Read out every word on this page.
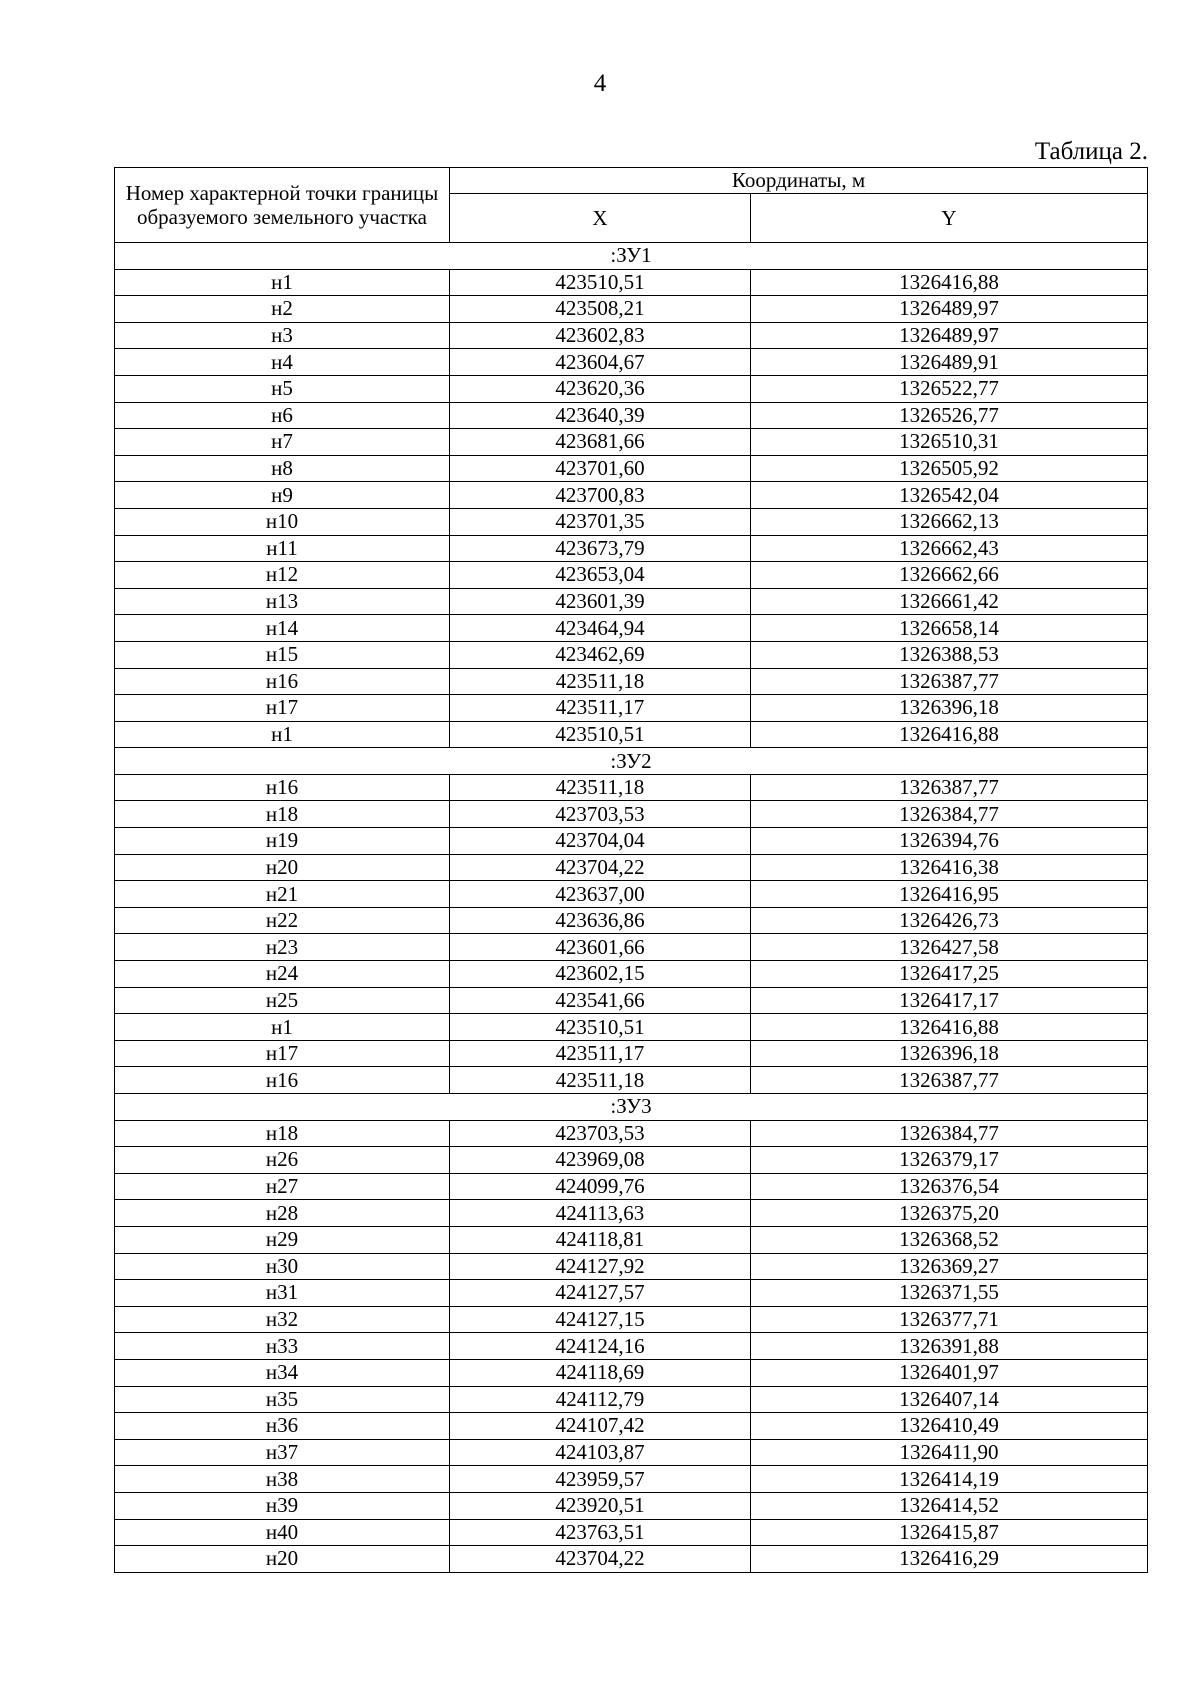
4
Таблица 2.
Номер характерной точки границы образуемого земельного участка	Координаты, м	
	X	Y
:ЗУ1		
н1	423510,51	1326416,88
н2	423508,21	1326489,97
н3	423602,83	1326489,97
н4	423604,67	1326489,91
н5	423620,36	1326522,77
н6	423640,39	1326526,77
н7	423681,66	1326510,31
н8	423701,60	1326505,92
н9	423700,83	1326542,04
н10	423701,35	1326662,13
н11	423673,79	1326662,43
н12	423653,04	1326662,66
н13	423601,39	1326661,42
н14	423464,94	1326658,14
н15	423462,69	1326388,53
н16	423511,18	1326387,77
н17	423511,17	1326396,18
н1	423510,51	1326416,88
:ЗУ2		
н16	423511,18	1326387,77
н18	423703,53	1326384,77
н19	423704,04	1326394,76
н20	423704,22	1326416,38
н21	423637,00	1326416,95
н22	423636,86	1326426,73
н23	423601,66	1326427,58
н24	423602,15	1326417,25
н25	423541,66	1326417,17
н1	423510,51	1326416,88
н17	423511,17	1326396,18
н16	423511,18	1326387,77
:ЗУ3		
н18	423703,53	1326384,77
н26	423969,08	1326379,17
н27	424099,76	1326376,54
н28	424113,63	1326375,20
н29	424118,81	1326368,52
н30	424127,92	1326369,27
н31	424127,57	1326371,55
н32	424127,15	1326377,71
н33	424124,16	1326391,88
н34	424118,69	1326401,97
н35	424112,79	1326407,14
н36	424107,42	1326410,49
н37	424103,87	1326411,90
н38	423959,57	1326414,19
н39	423920,51	1326414,52
н40	423763,51	1326415,87
н20	423704,22	1326416,29
